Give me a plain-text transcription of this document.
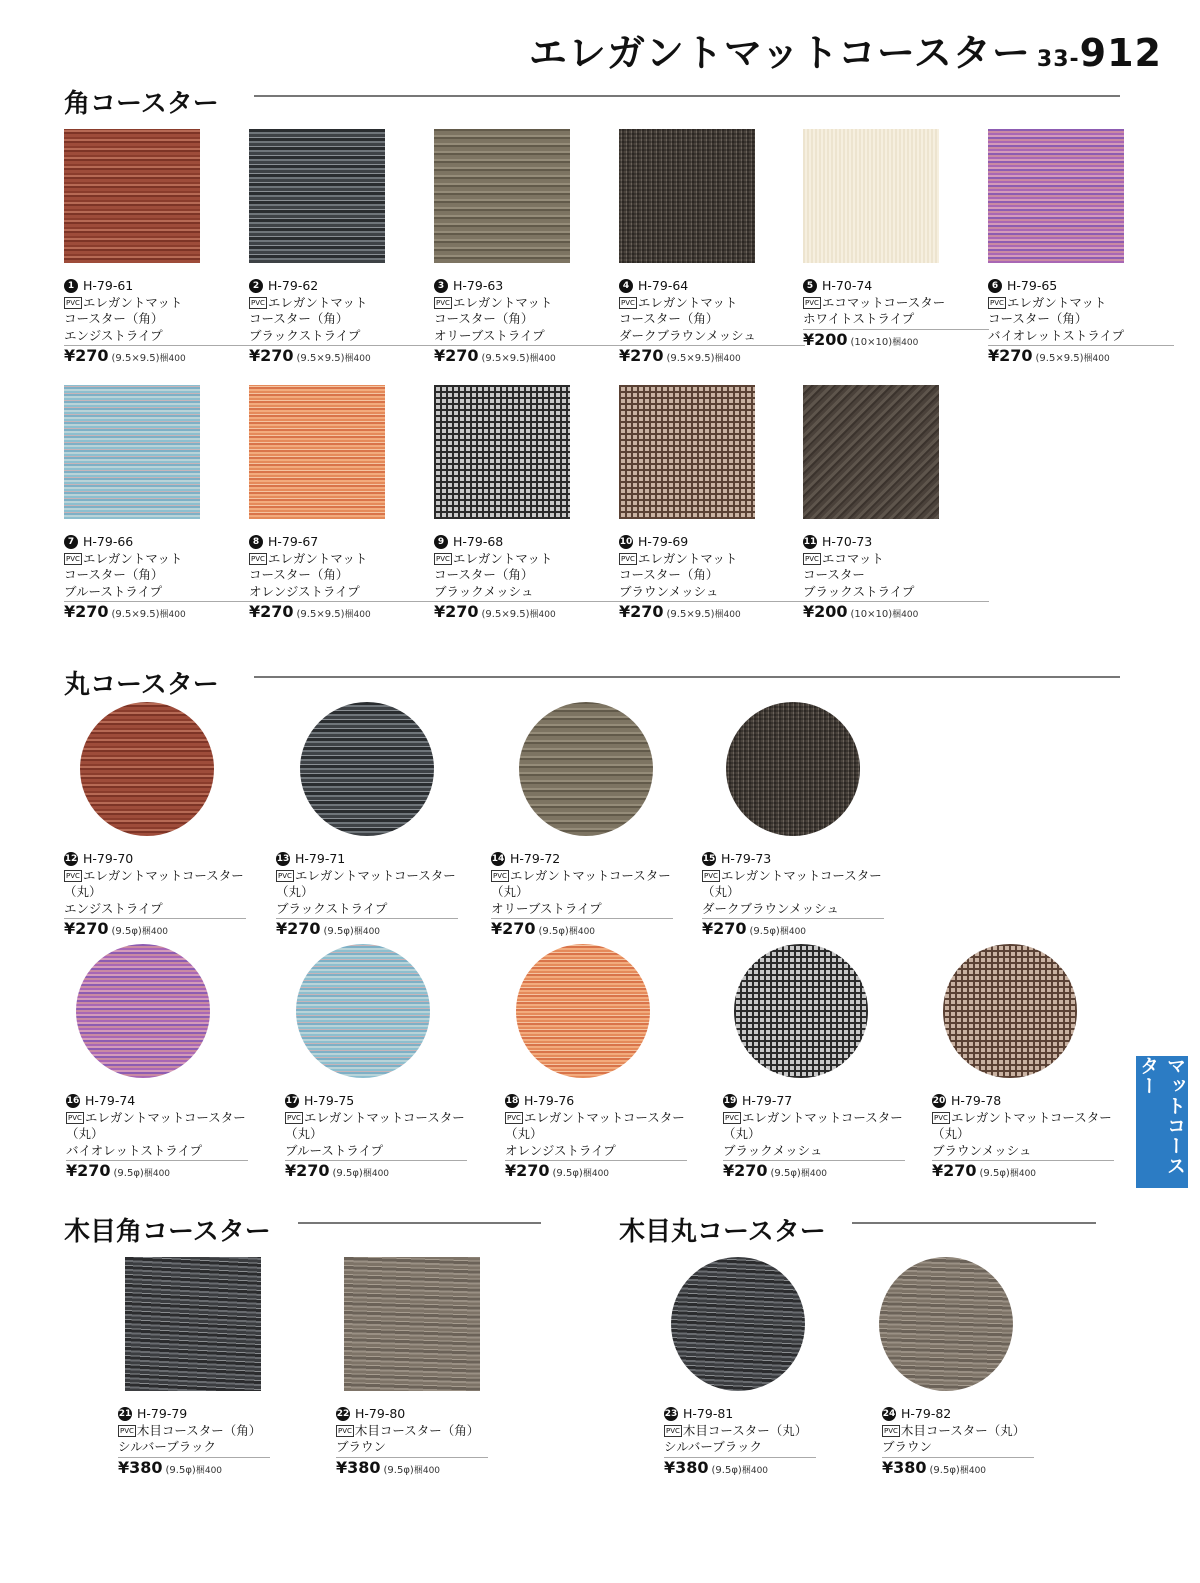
エレガントマットコースター 33-912
角コースター
丸コースター
木目角コースター	木目丸コースター
1 H-79-61
PVC エレガントマット
コースター（角）
エンジストライプ
¥270 (9.5×9.5)梱400
2 H-79-62
PVC エレガントマット
コースター（角）
ブラックストライプ
¥270 (9.5×9.5)梱400
3 H-79-63
PVC エレガントマット
コースター（角）
オリーブストライプ
¥270 (9.5×9.5)梱400
4 H-79-64
PVC エレガントマット
コースター（角）
ダークブラウンメッシュ
¥270 (9.5×9.5)梱400
5 H-70-74
PVC エコマットコースター
ホワイトストライプ
¥200 (10×10)梱400
6 H-79-65
PVC エレガントマット
コースター（角）
バイオレットストライプ
¥270 (9.5×9.5)梱400
7 H-79-66
PVC エレガントマット
コースター（角）
ブルーストライプ
¥270 (9.5×9.5)梱400
8 H-79-67
PVC エレガントマット
コースター（角）
オレンジストライプ
¥270 (9.5×9.5)梱400
9 H-79-68
PVC エレガントマット
コースター（角）
ブラックメッシュ
¥270 (9.5×9.5)梱400
10 H-79-69
PVC エレガントマット
コースター（角）
ブラウンメッシュ
¥270 (9.5×9.5)梱400
11 H-70-73
PVC エコマット
コースター
ブラックストライプ
¥200 (10×10)梱400
12 H-79-70
PVC エレガントマットコースター（丸）
エンジストライプ
¥270 (9.5φ)梱400
13 H-79-71
PVC エレガントマットコースター（丸）
ブラックストライプ
¥270 (9.5φ)梱400
14 H-79-72
PVC エレガントマットコースター（丸）
オリーブストライプ
¥270 (9.5φ)梱400
15 H-79-73
PVC エレガントマットコースター（丸）
ダークブラウンメッシュ
¥270 (9.5φ)梱400
16 H-79-74
PVC エレガントマットコースター（丸）
バイオレットストライプ
¥270 (9.5φ)梱400
17 H-79-75
PVC エレガントマットコースター（丸）
ブルーストライプ
¥270 (9.5φ)梱400
18 H-79-76
PVC エレガントマットコースター（丸）
オレンジストライプ
¥270 (9.5φ)梱400
19 H-79-77
PVC エレガントマットコースター（丸）
ブラックメッシュ
¥270 (9.5φ)梱400
20 H-79-78
PVC エレガントマットコースター（丸）
ブラウンメッシュ
¥270 (9.5φ)梱400
21 H-79-79
PVC 木目コースター（角）
シルバーブラック
¥380 (9.5φ)梱400
22 H-79-80
PVC 木目コースター（角）
ブラウン
¥380 (9.5φ)梱400
23 H-79-81
PVC 木目コースター（丸）
シルバーブラック
¥380 (9.5φ)梱400
24 H-79-82
PVC 木目コースター（丸）
ブラウン
¥380 (9.5φ)梱400
マットコースター
